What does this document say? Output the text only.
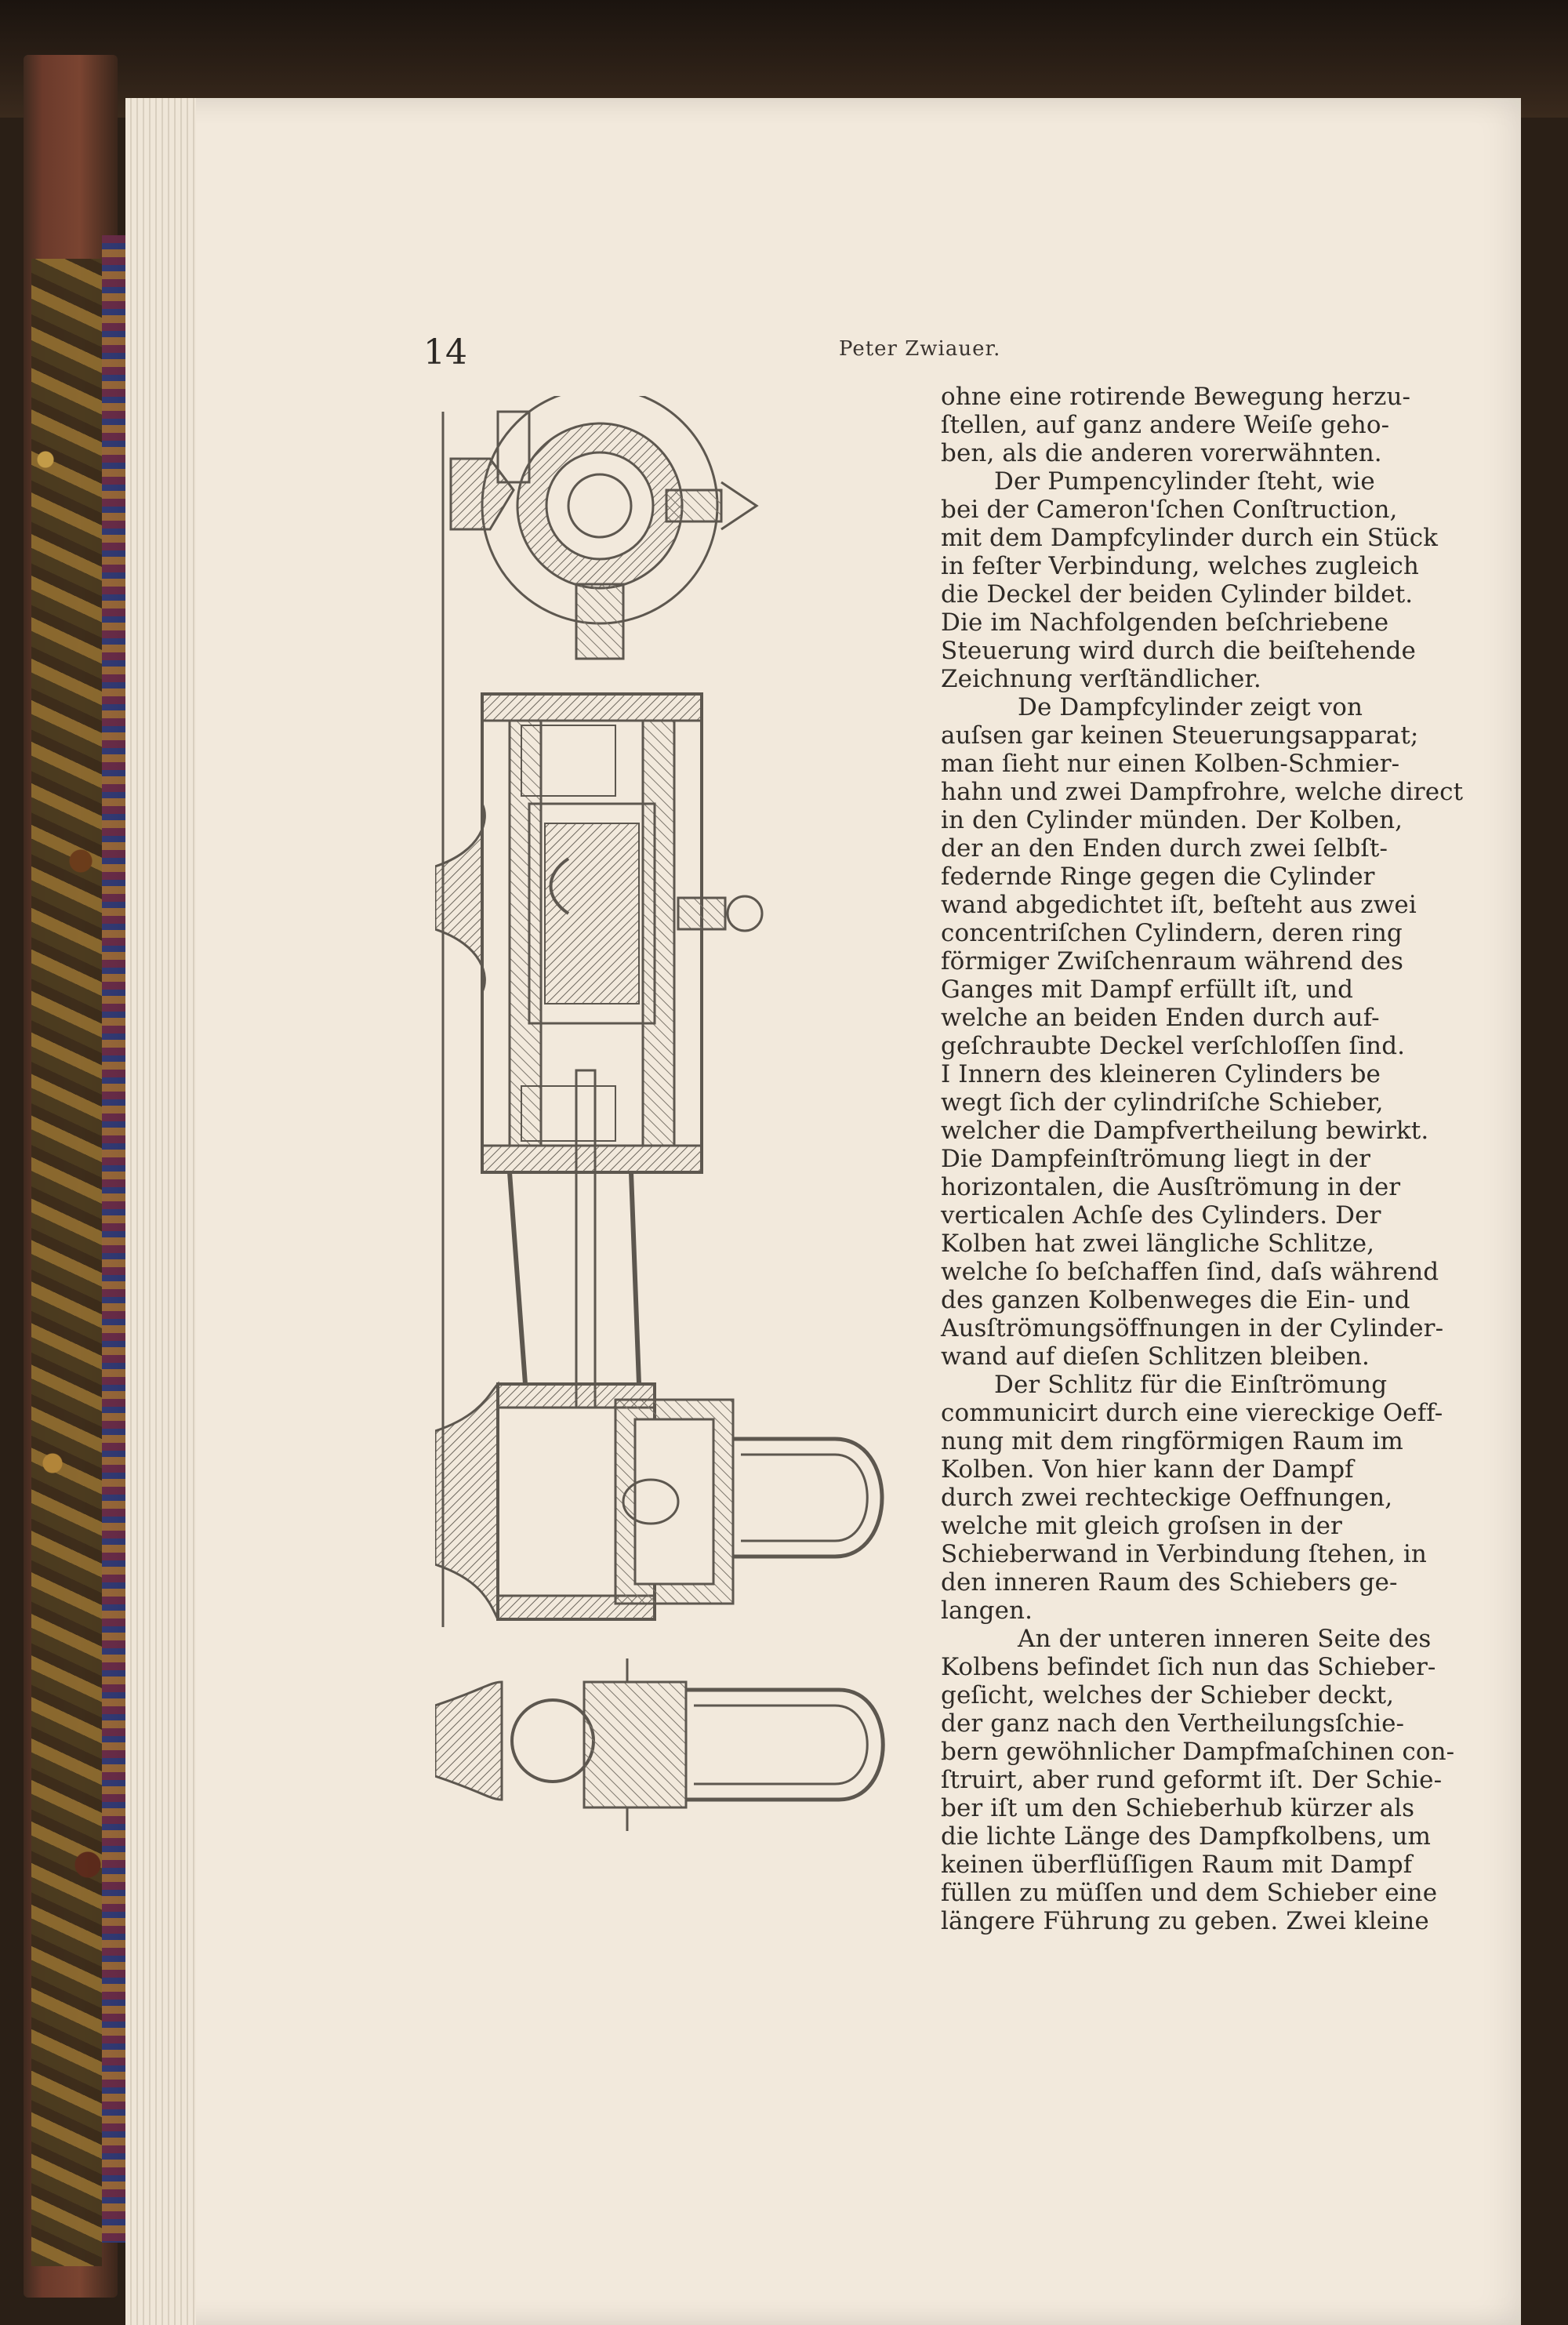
14	Peter Zwiauer.
ohne eine rotirende Bewegung herzu-
ſtellen, auf ganz andere Weiſe geho-
ben, als die anderen vorerwähnten.
Der Pumpencylinder ſteht, wie
bei der Cameron'ſchen Conſtruction,
mit dem Dampfcylinder durch ein Stück
in feſter Verbindung, welches zugleich
die Deckel der beiden Cylinder bildet.
Die im Nachfolgenden beſchriebene
Steuerung wird durch die beiſtehende
Zeichnung verſtändlicher.
De Dampfcylinder zeigt von
auſsen gar keinen Steuerungsapparat;
man ſieht nur einen Kolben-Schmier-
hahn und zwei Dampfrohre, welche direct
in den Cylinder münden. Der Kolben,
der an den Enden durch zwei ſelbſt-
federnde Ringe gegen die Cylinder
wand abgedichtet iſt, beſteht aus zwei
concentriſchen Cylindern, deren ring
förmiger Zwiſchenraum während des
Ganges mit Dampf erfüllt iſt, und
welche an beiden Enden durch auf-
geſchraubte Deckel verſchloſſen ſind.
I Innern des kleineren Cylinders be
wegt ſich der cylindriſche Schieber,
welcher die Dampfvertheilung bewirkt.
Die Dampfeinſtrömung liegt in der
horizontalen, die Ausſtrömung in der
verticalen Achſe des Cylinders. Der
Kolben hat zwei längliche Schlitze,
welche ſo beſchaffen ſind, daſs während
des ganzen Kolbenweges die Ein- und
Ausſtrömungsöffnungen in der Cylinder-
wand auf dieſen Schlitzen bleiben.
Der Schlitz für die Einſtrömung
communicirt durch eine viereckige Oeff-
nung mit dem ringförmigen Raum im
Kolben. Von hier kann der Dampf
durch zwei rechteckige Oeffnungen,
welche mit gleich groſsen in der
Schieberwand in Verbindung ſtehen, in
den inneren Raum des Schiebers ge-
langen.
An der unteren inneren Seite des
Kolbens befindet ſich nun das Schieber-
geſicht, welches der Schieber deckt,
der ganz nach den Vertheilungsſchie-
bern gewöhnlicher Dampfmaſchinen con-
ſtruirt, aber rund geformt iſt. Der Schie-
ber iſt um den Schieberhub kürzer als
die lichte Länge des Dampfkolbens, um
keinen überflüſſigen Raum mit Dampf
füllen zu müſſen und dem Schieber eine
längere Führung zu geben. Zwei kleine
